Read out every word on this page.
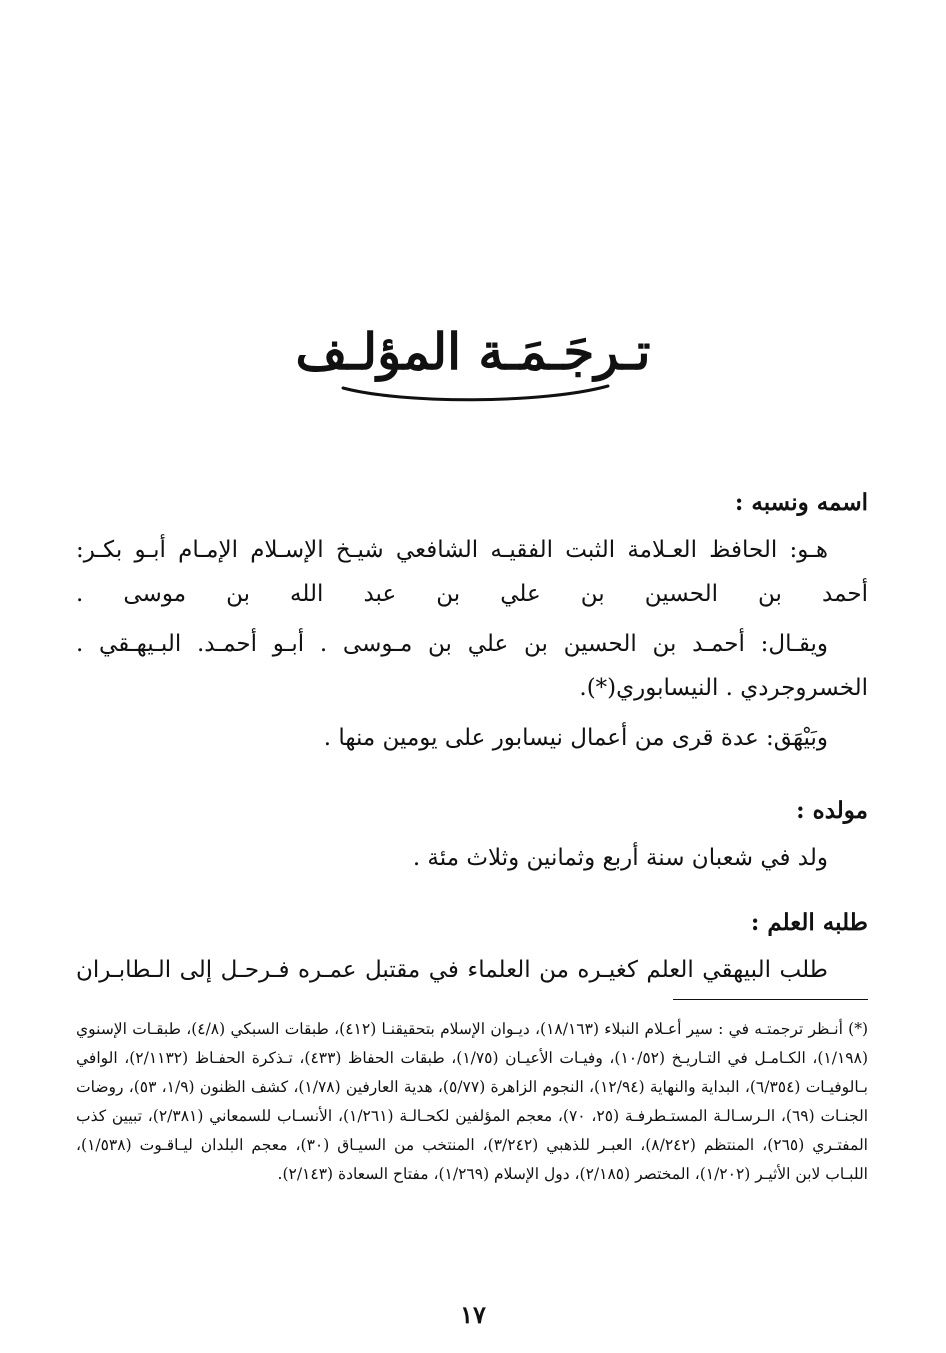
تـرجَـمَـة المؤلـف
اسمه ونسبه :

هـو: الحافظ العـلامة الثبت الفقيـه الشافعي شيـخ الإسـلام الإمـام أبـو بكـر: أحمد بن الحسين بن علي بن عبد الله بن موسى .

ويقـال: أحمـد بن الحسين بن علي بن مـوسى . أبـو أحمـد. البـيهـقي . الخسروجردي . النيسابوري(*).

وبَيْهَق: عدة قرى من أعمال نيسابور على يومين منها .

مولده :

ولد في شعبان سنة أربع وثمانين وثلاث مئة .

طلبه العلم :

طلب البيهقي العلم كغيـره من العلماء في مقتبل عمـره فـرحـل إلى الـطابـران

(*) أنـظر ترجمتـه في : سير أعـلام النبلاء (١٨/١٦٣)، ديـوان الإسلام بتحقيقنـا (٤١٢)، طبقات السبكي (٤/٨)، طبقـات الإسنوي (١/١٩٨)، الكـامـل في التـاريـخ (١٠/٥٢)، وفيـات الأعيـان (١/٧٥)، طبقات الحفاظ (٤٣٣)، تـذكرة الحفـاظ (٢/١١٣٢)، الوافي بـالوفيـات (٦/٣٥٤)، البداية والنهاية (١٢/٩٤)، النجوم الزاهرة (٥/٧٧)، هدية العارفين (١/٧٨)، كشف الظنون (١/٩، ٥٣)، روضات الجنـات (٦٩)، الـرسـالـة المستـطرفـة (٢٥، ٧٠)، معجم المؤلفين لكحـالـة (١/٢٦١)، الأنسـاب للسمعاني (٢/٣٨١)، تبيين كذب المفتـري (٢٦٥)، المنتظم (٨/٢٤٢)، العبـر للذهبي (٣/٢٤٢)، المنتخب من السيـاق (٣٠)، معجم البلدان ليـاقـوت (١/٥٣٨)، اللبـاب لابن الأثيـر (١/٢٠٢)، المختصر (٢/١٨٥)، دول الإسلام (١/٢٦٩)، مفتاح السعادة (٢/١٤٣).

١٧
